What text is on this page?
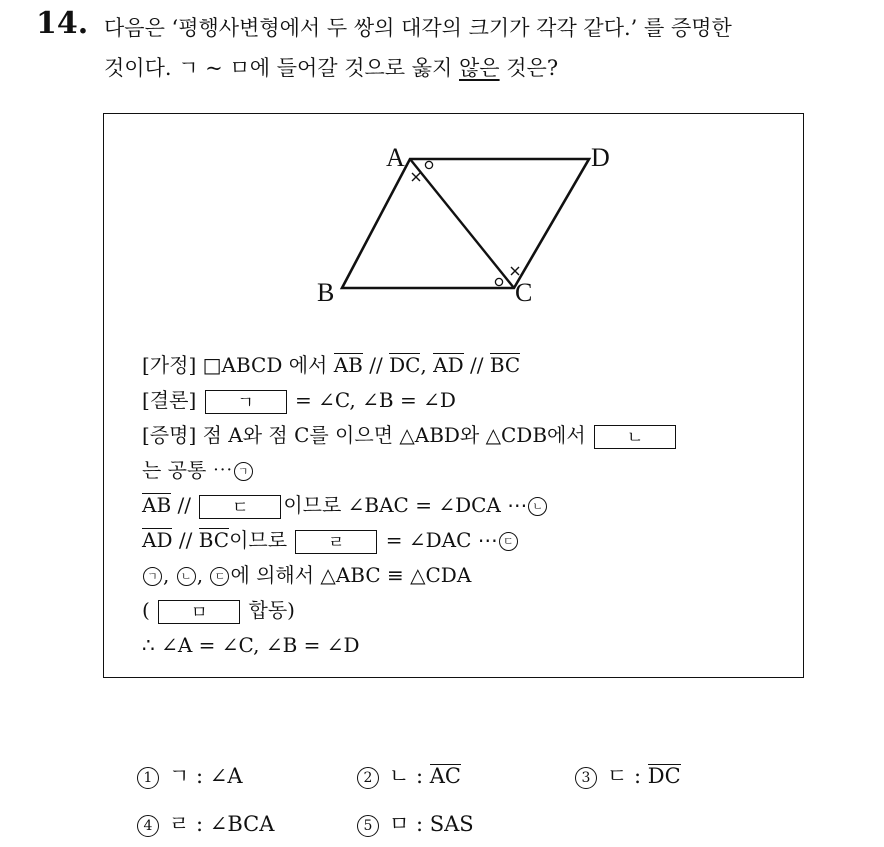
14. 다음은 ‘평행사변형에서 두 쌍의 대각의 크기가 각각 같다.’ 를 증명한
것이다. ㄱ ~ ㅁ에 들어갈 것으로 옳지 않은 것은?
A	D
B	C
[가정] □ABCD 에서 AB // DC, AD // BC
[결론] ㄱ = ∠C, ∠B = ∠D
[증명] 점 A와 점 C를 이으면 △ABD와 △CDB에서 ㄴ
는 공통 ⋯ ㄱ
AB // ㄷ 이므로 ∠BAC = ∠DCA ⋯ ㄴ
AD // BC이므로 ㄹ = ∠DAC ⋯ ㄷ
ㄱ , ㄴ , ㄷ 에 의해서 △ABC ≡ △CDA
( ㅁ 합동)
∴ ∠A = ∠C, ∠B = ∠D
1 ㄱ : ∠A	2 ㄴ : AC	3 ㄷ : DC
4 ㄹ : ∠BCA	5 ㅁ : SAS
